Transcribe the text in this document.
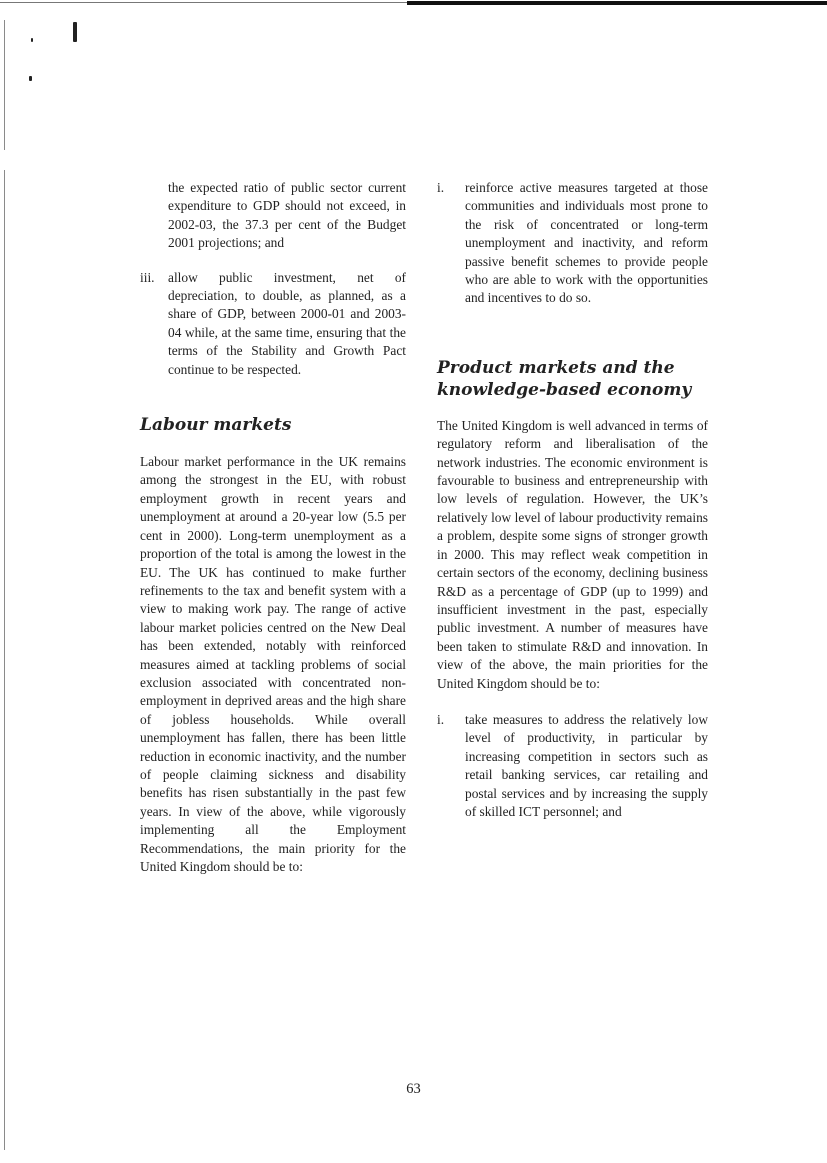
the expected ratio of public sector current expenditure to GDP should not exceed, in 2002-03, the 37.3 per cent of the Budget 2001 projections; and

iii.	allow public investment, net of depreciation, to double, as planned, as a share of GDP, between 2000-01 and 2003-04 while, at the same time, ensuring that the terms of the Stability and Growth Pact continue to be respected.

Labour markets

Labour market performance in the UK remains among the strongest in the EU, with robust employment growth in recent years and unemployment at around a 20-year low (5.5 per cent in 2000). Long-term unemployment as a proportion of the total is among the lowest in the EU. The UK has continued to make further refinements to the tax and benefit system with a view to making work pay. The range of active labour market policies centred on the New Deal has been extended, notably with reinforced measures aimed at tackling problems of social exclusion associated with concentrated non-employment in deprived areas and the high share of jobless households. While overall unemployment has fallen, there has been little reduction in economic inactivity, and the number of people claiming sickness and disability benefits has risen substantially in the past few years. In view of the above, while vigorously implementing all the Employment Recommendations, the main priority for the United Kingdom should be to:

i.	reinforce active measures targeted at those communities and individuals most prone to the risk of concentrated or long-term unemployment and inactivity, and reform passive benefit schemes to provide people who are able to work with the opportunities and incentives to do so.

Product markets and the
knowledge-based economy

The United Kingdom is well advanced in terms of regulatory reform and liberalisation of the network industries. The economic environment is favourable to business and entrepreneurship with low levels of regulation. However, the UK’s relatively low level of labour productivity remains a problem, despite some signs of stronger growth in 2000. This may reflect weak competition in certain sectors of the economy, declining business R&D as a percentage of GDP (up to 1999) and insufficient investment in the past, especially public investment. A number of measures have been taken to stimulate R&D and innovation. In view of the above, the main priorities for the United Kingdom should be to:

i.	take measures to address the relatively low level of productivity, in particular by increasing competition in sectors such as retail banking services, car retailing and postal services and by increasing the supply of skilled ICT personnel; and

63
